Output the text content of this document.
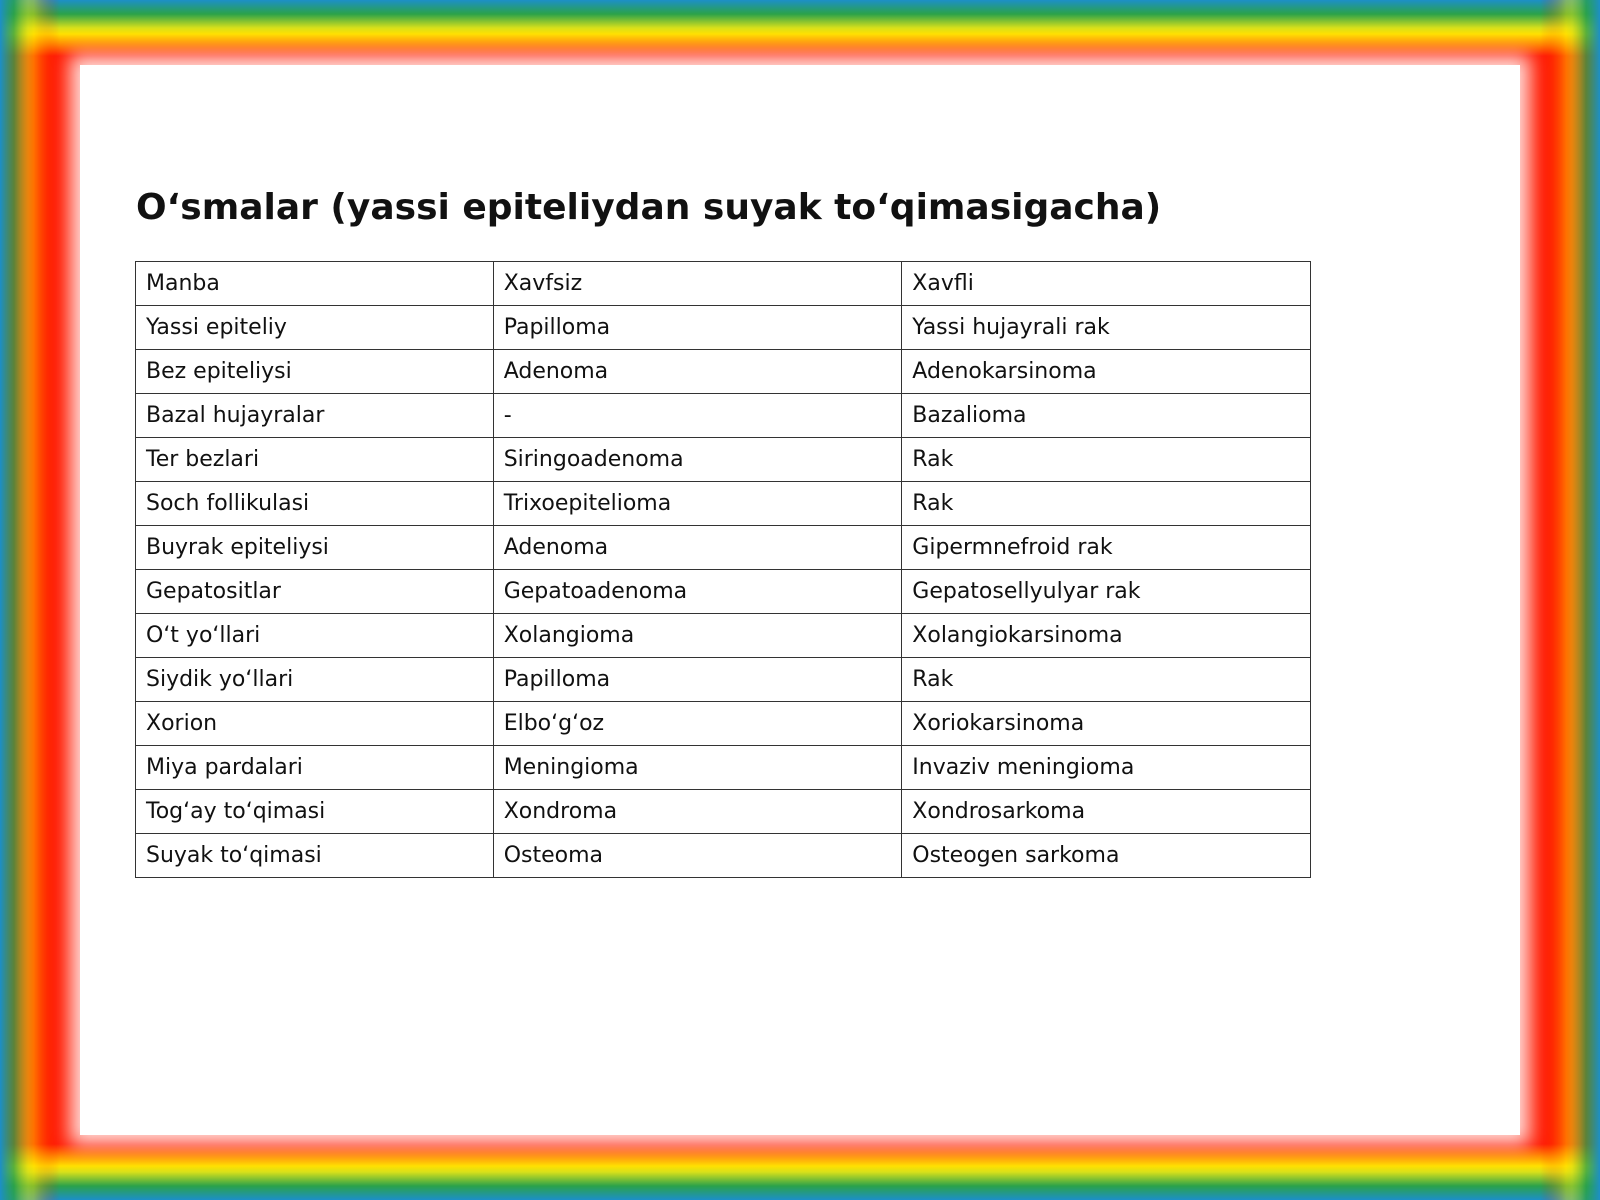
O‘smalar (yassi epiteliydan suyak to‘qimasigacha)
Manba	Xavfsiz	Xavfli
Yassi epiteliy	Papilloma	Yassi hujayrali rak
Bez epiteliysi	Adenoma	Adenokarsinoma
Bazal hujayralar	-	Bazalioma
Ter bezlari	Siringoadenoma	Rak
Soch follikulasi	Trixoepitelioma	Rak
Buyrak epiteliysi	Adenoma	Gipermnefroid rak
Gepatositlar	Gepatoadenoma	Gepatosellyulyar rak
O‘t yo‘llari	Xolangioma	Xolangiokarsinoma
Siydik yo‘llari	Papilloma	Rak
Xorion	Elbo‘g‘oz	Xoriokarsinoma
Miya pardalari	Meningioma	Invaziv meningioma
Tog‘ay to‘qimasi	Xondroma	Xondrosarkoma
Suyak to‘qimasi	Osteoma	Osteogen sarkoma
